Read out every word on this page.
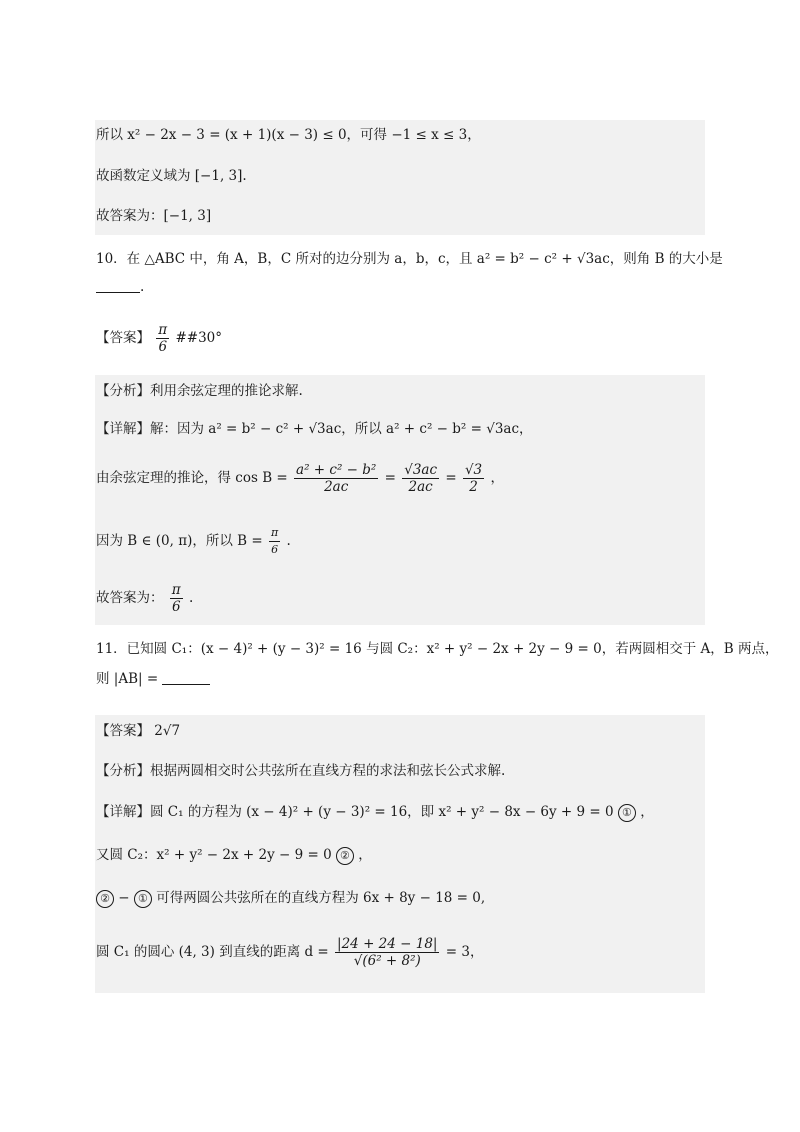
所以 x² − 2x − 3 = (x + 1)(x − 3) ≤ 0，可得 −1 ≤ x ≤ 3，
故函数定义域为 [−1, 3].
故答案为：[−1, 3]
10．在 △ABC 中，角 A，B，C 所对的边分别为 a，b，c，且 a² = b² − c² + √3ac，则角 B 的大小是
.
【答案】 $\frac{\pi}{6}$ ##30°
【分析】利用余弦定理的推论求解.
【详解】解：因为 a² = b² − c² + √3ac，所以 a² + c² − b² = √3ac，
由余弦定理的推论，得 $\cos B = \frac{\text{a² + c² − b²}}{2ac} = \frac{√3ac}{2ac} = \frac{√3}{2}$ ，
因为 B ∈ (0, π)，所以 $B = \frac{\pi}{6}$ .
故答案为： $\frac{\pi}{6}$ .
11．已知圆 C₁：(x − 4)² + (y − 3)² = 16 与圆 C₂：x² + y² − 2x + 2y − 9 = 0，若两圆相交于 A，B 两点，
则 |AB| =
【答案】 2√7
【分析】根据两圆相交时公共弦所在直线方程的求法和弦长公式求解.
【详解】圆 C₁ 的方程为 (x − 4)² + (y − 3)² = 16，即 x² + y² − 8x − 6y + 9 = 0 ① ，
又圆 C₂：x² + y² − 2x + 2y − 9 = 0 ② ，
② − ① 可得两圆公共弦所在的直线方程为 6x + 8y − 18 = 0,
圆 C₁ 的圆心 (4, 3) 到直线的距离 $d = \frac{|24 + 24 - 18|}{\text{√(6² + 8²)}} = 3$，
